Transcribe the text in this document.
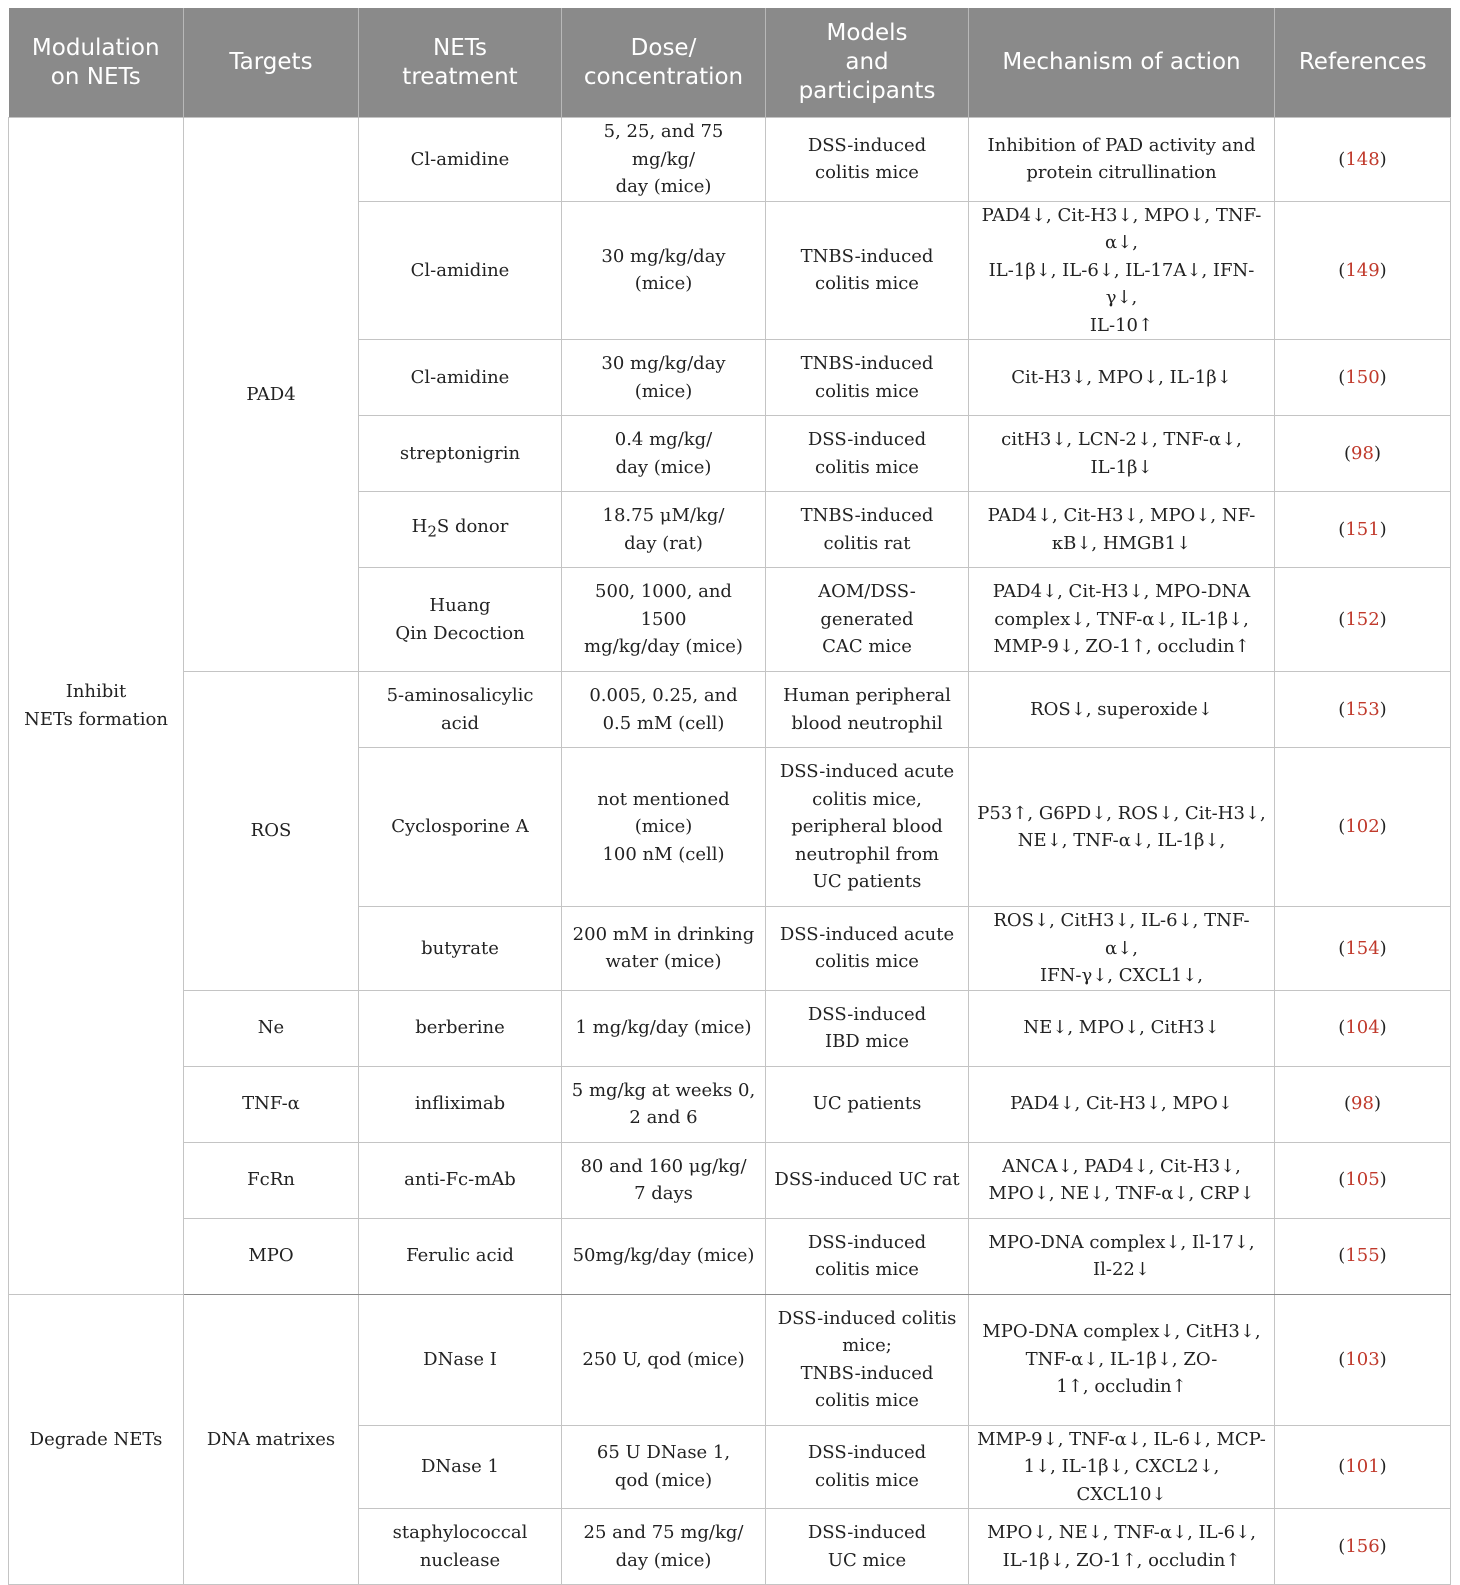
Modulation
on NETs	Targets	NETs
treatment	Dose/
concentration	Models
and
participants	Mechanism of action	References
Inhibit
NETs formation	PAD4	Cl-amidine	5, 25, and 75 mg/kg/
day (mice)	DSS-induced
colitis mice	Inhibition of PAD activity and
protein citrullination	(148)
		Cl-amidine	30 mg/kg/day (mice)	TNBS-induced
colitis mice	PAD4↓, Cit-H3↓, MPO↓, TNF-
α↓,
IL-1β↓, IL-6↓, IL-17A↓, IFN-γ↓,
IL-10↑	(149)
		Cl-amidine	30 mg/kg/day (mice)	TNBS-induced
colitis mice	Cit-H3↓, MPO↓, IL-1β↓	(150)
		streptonigrin	0.4 mg/kg/
day (mice)	DSS-induced
colitis mice	citH3↓, LCN-2↓, TNF-α↓,
IL-1β↓	(98)
		$H_2S$ donor	18.75 μM/kg/
day (rat)	TNBS-induced
colitis rat	PAD4↓, Cit-H3↓, MPO↓, NF-
κB↓, HMGB1↓	(151)
		Huang
Qin Decoction	500, 1000, and 1500
mg/kg/day (mice)	AOM/DSS-generated
CAC mice	PAD4↓, Cit-H3↓, MPO-DNA
complex↓, TNF-α↓, IL-1β↓,
MMP-9↓, ZO-1↑, occludin↑	(152)
	ROS	5-aminosalicylic acid	0.005, 0.25, and
0.5 mM (cell)	Human peripheral
blood neutrophil	ROS↓, superoxide↓	(153)
		Cyclosporine A	not mentioned
(mice)
100 nM (cell)	DSS-induced acute
colitis mice,
peripheral blood
neutrophil from
UC patients	P53↑, G6PD↓, ROS↓, Cit-H3↓,
NE↓, TNF-α↓, IL-1β↓,	(102)
		butyrate	200 mM in drinking
water (mice)	DSS-induced acute
colitis mice	ROS↓, CitH3↓, IL-6↓, TNF-α↓,
IFN-γ↓, CXCL1↓,	(154)
	Ne	berberine	1 mg/kg/day (mice)	DSS-induced
IBD mice	NE↓, MPO↓, CitH3↓	(104)
	TNF-α	infliximab	5 mg/kg at weeks 0,
2 and 6	UC patients	PAD4↓, Cit-H3↓, MPO↓	(98)
	FcRn	anti-Fc-mAb	80 and 160 μg/kg/
7 days	DSS-induced UC rat	ANCA↓, PAD4↓, Cit-H3↓,
MPO↓, NE↓, TNF-α↓, CRP↓	(105)
	MPO	Ferulic acid	50mg/kg/day (mice)	DSS-induced
colitis mice	MPO-DNA complex↓, Il-17↓,
Il-22↓	(155)
Degrade NETs	DNA matrixes	DNase I	250 U, qod (mice)	DSS-induced colitis
mice;
TNBS-induced
colitis mice	MPO-DNA complex↓, CitH3↓,
TNF-α↓, IL-1β↓, ZO-
1↑, occludin↑	(103)
		DNase 1	65 U DNase 1,
qod (mice)	DSS-induced
colitis mice	MMP-9↓, TNF-α↓, IL-6↓, MCP-
1↓, IL-1β↓, CXCL2↓, CXCL10↓	(101)
		staphylococcal
nuclease	25 and 75 mg/kg/
day (mice)	DSS-induced
UC mice	MPO↓, NE↓, TNF-α↓, IL-6↓,
IL-1β↓, ZO-1↑, occludin↑	(156)
